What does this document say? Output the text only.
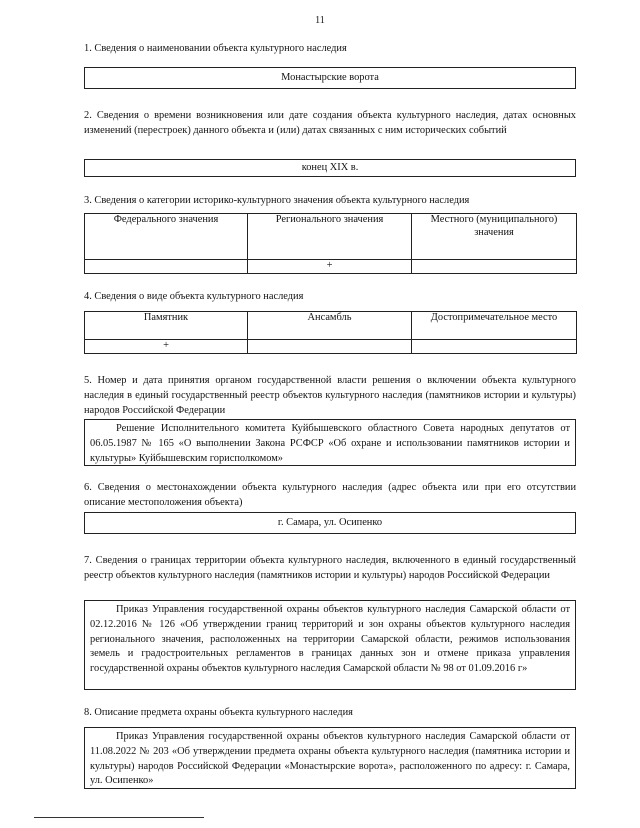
11
1. Сведения о наименовании объекта культурного наследия
Монастырские ворота
2. Сведения о времени возникновения или дате создания объекта культурного наследия, датах основных изменений (перестроек) данного объекта и (или) датах связанных с ним исторических событий
конец XIX в.
3. Сведения о категории историко-культурного значения объекта культурного наследия
Федерального значения	Регионального значения	Местного (муниципального) значения
	+	
4. Сведения о виде объекта культурного наследия
Памятник	Ансамбль	Достопримечательное место
+		
5. Номер и дата принятия органом государственной власти решения о включении объекта культурного наследия в единый государственный реестр объектов культурного наследия (памятников истории и культуры) народов Российской Федерации
Решение Исполнительного комитета Куйбышевского областного Совета народных депутатов от 06.05.1987 № 165 «О выполнении Закона РСФСР «Об охране и использовании памятников истории и культуры» Куйбышевским горисполкомом»
6. Сведения о местонахождении объекта культурного наследия (адрес объекта или при его отсутствии описание местоположения объекта)
г. Самара, ул. Осипенко
7. Сведения о границах территории объекта культурного наследия, включенного в единый государственный реестр объектов культурного наследия (памятников истории и культуры) народов Российской Федерации
Приказ Управления государственной охраны объектов культурного наследия Самарской области от 02.12.2016 № 126 «Об утверждении границ территорий и зон охраны объектов культурного наследия регионального значения, расположенных на территории Самарской области, режимов использования земель и градостроительных регламентов в границах данных зон и отмене приказа управления государственной охраны объектов культурного наследия Самарской области № 98 от 01.09.2016 г»
8. Описание предмета охраны объекта культурного наследия
Приказ Управления государственной охраны объектов культурного наследия Самарской области от 11.08.2022 № 203 «Об утверждении предмета охраны объекта культурного наследия (памятника истории и культуры) народов Российской Федерации «Монастырские ворота», расположенного по адресу: г. Самара, ул. Осипенко»
